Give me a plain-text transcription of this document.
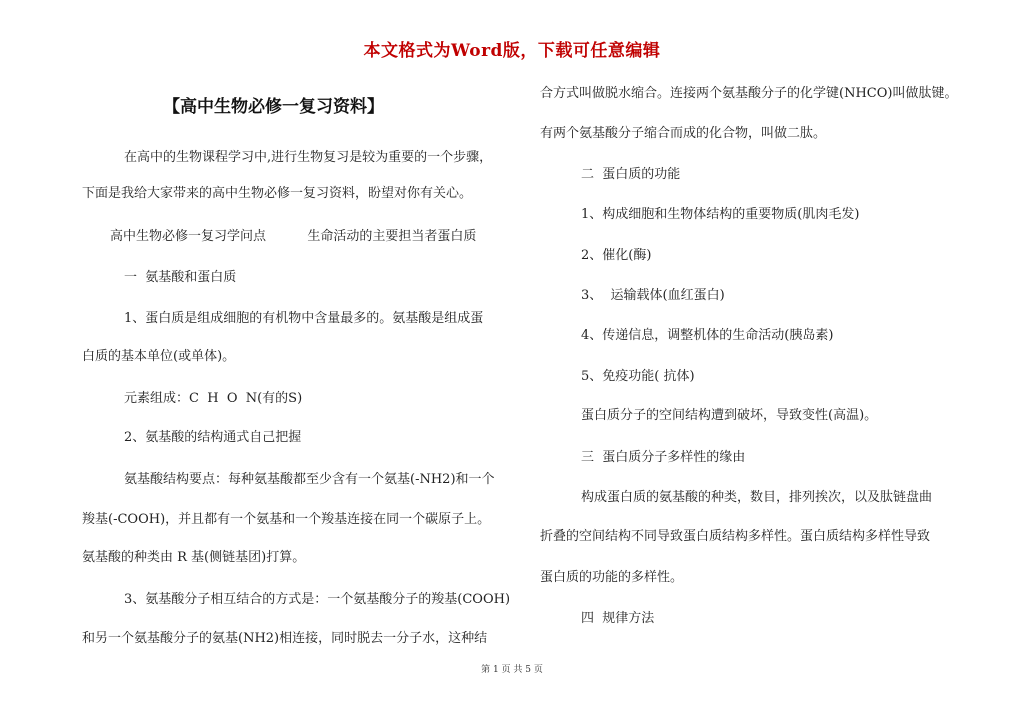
本文格式为Word版，下载可任意编辑
【高中生物必修一复习资料】
在高中的生物课程学习中,进行生物复习是较为重要的一个步骤，
下面是我给大家带来的高中生物必修一复习资料，盼望对你有关心。
高中生物必修一复习学问点          生命活动的主要担当者蛋白质
一  氨基酸和蛋白质
1、蛋白质是组成细胞的有机物中含量最多的。氨基酸是组成蛋
白质的基本单位(或单体)。
元素组成：C  H  O  N(有的S)
2、氨基酸的结构通式自己把握
氨基酸结构要点：每种氨基酸都至少含有一个氨基(-NH2)和一个
羧基(-COOH)，并且都有一个氨基和一个羧基连接在同一个碳原子上。
氨基酸的种类由 R 基(侧链基团)打算。
3、氨基酸分子相互结合的方式是：一个氨基酸分子的羧基(COOH)
和另一个氨基酸分子的氨基(NH2)相连接，同时脱去一分子水，这种结
合方式叫做脱水缩合。连接两个氨基酸分子的化学键(NHCO)叫做肽键。
有两个氨基酸分子缩合而成的化合物，叫做二肽。
二  蛋白质的功能
1、构成细胞和生物体结构的重要物质(肌肉毛发)
2、催化(酶)
3、  运输载体(血红蛋白)
4、传递信息，调整机体的生命活动(胰岛素)
5、免疫功能( 抗体)
蛋白质分子的空间结构遭到破坏，导致变性(高温)。
三  蛋白质分子多样性的缘由
构成蛋白质的氨基酸的种类，数目，排列挨次，以及肽链盘曲
折叠的空间结构不同导致蛋白质结构多样性。蛋白质结构多样性导致
蛋白质的功能的多样性。
四  规律方法
第 1 页 共 5 页
